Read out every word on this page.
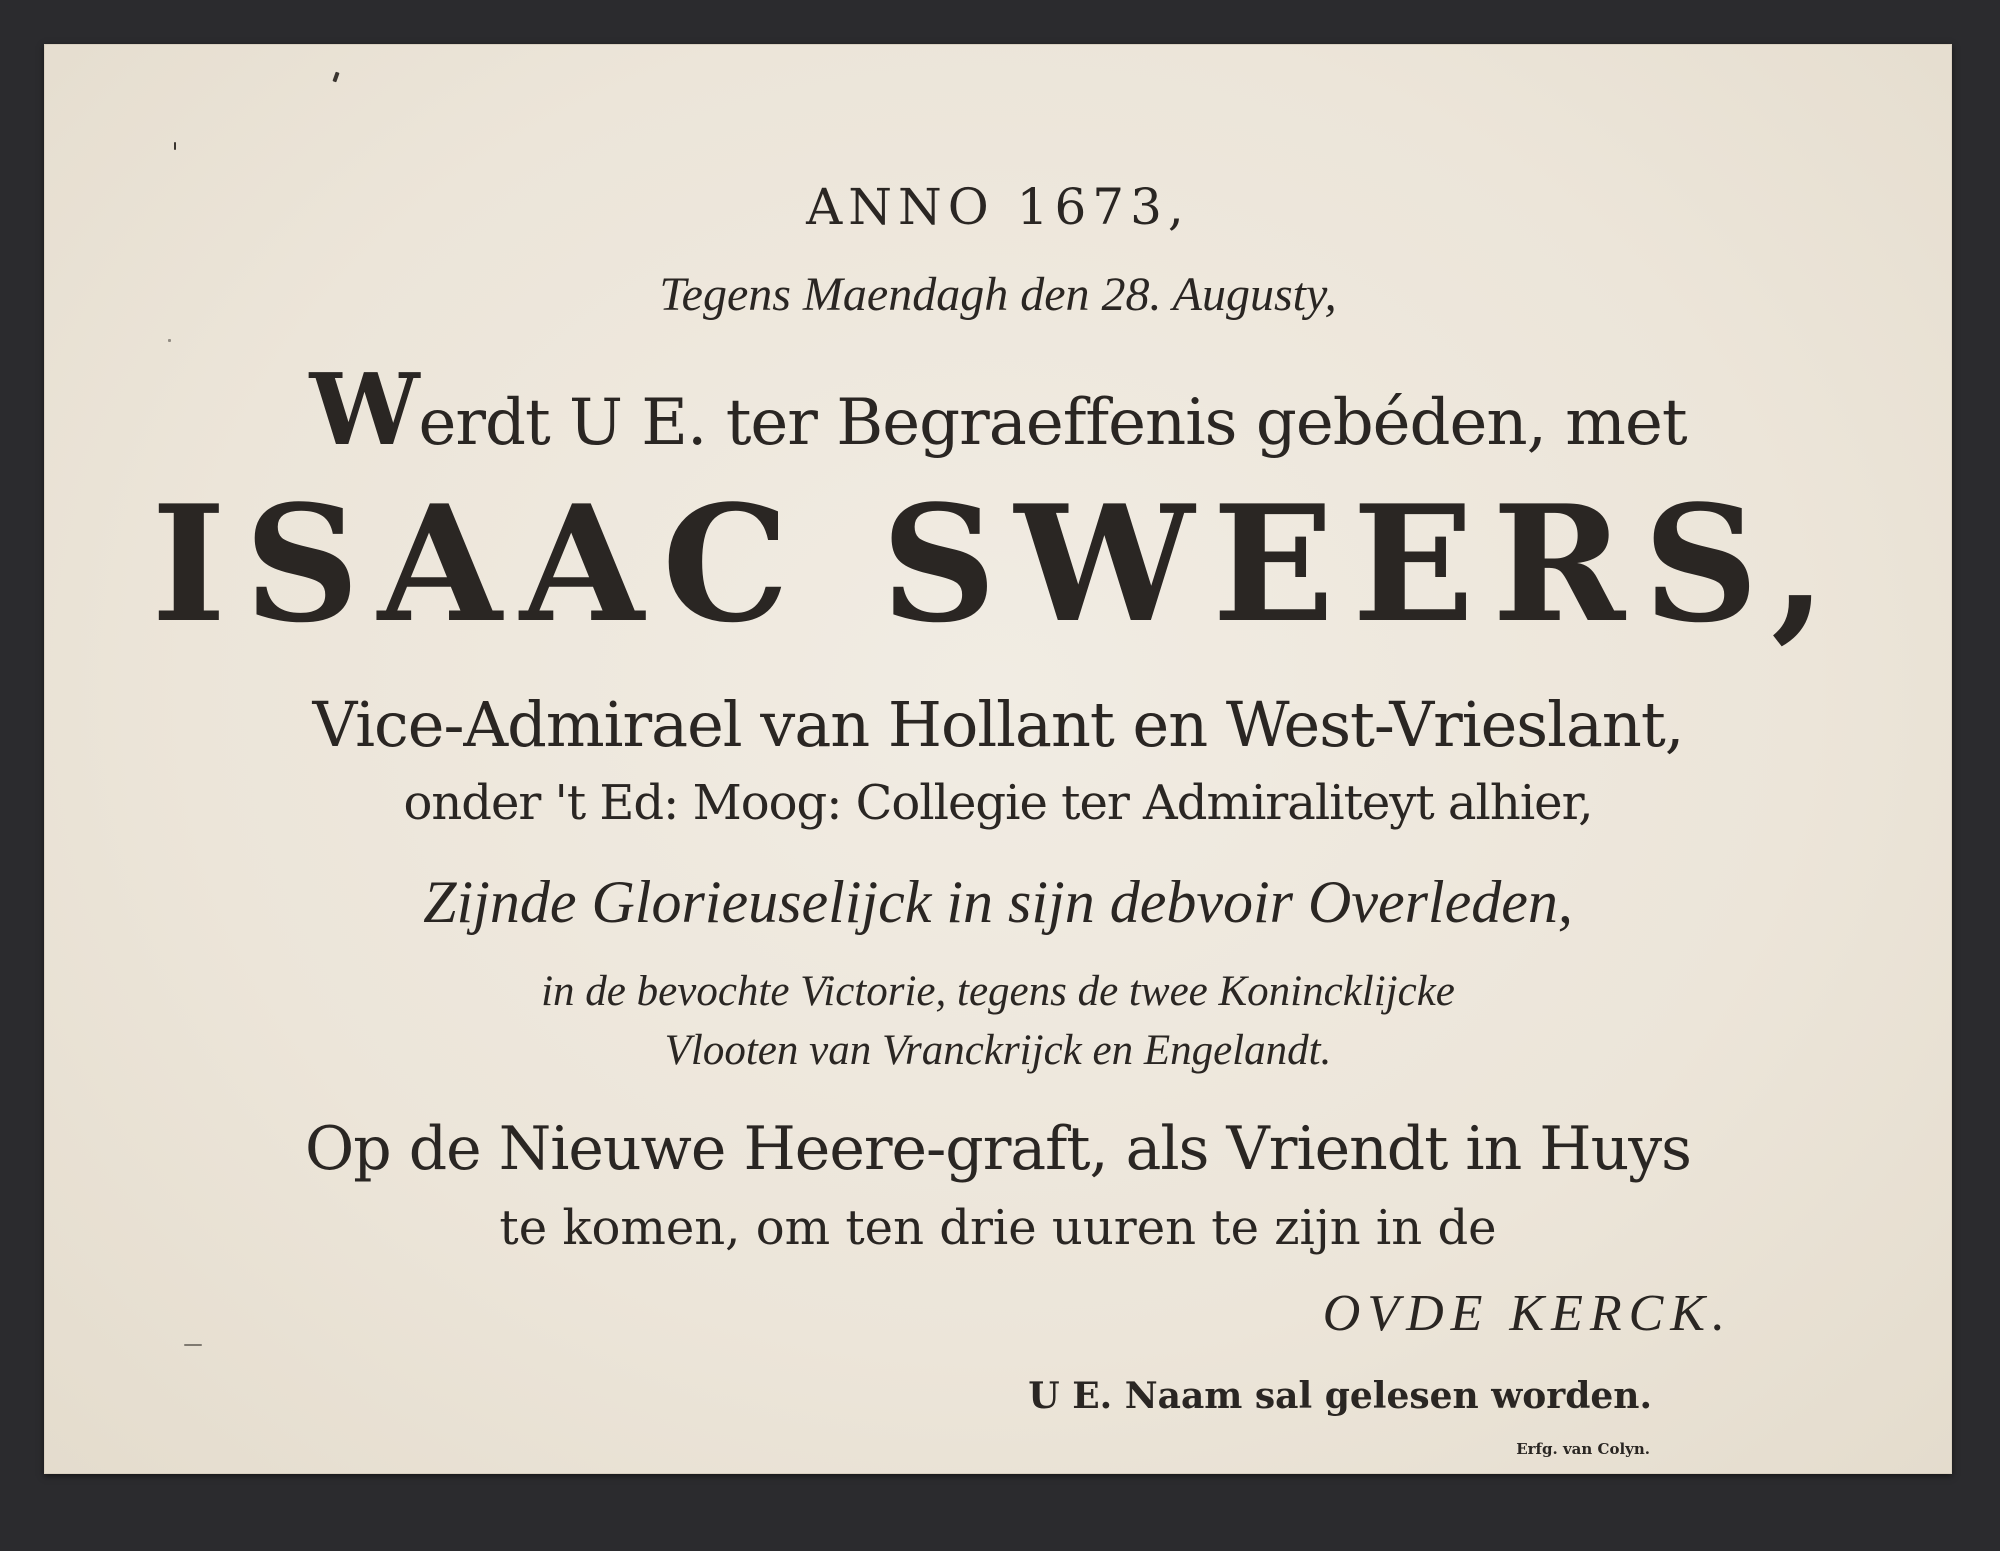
ANNO 1673,
Tegens Maendagh den 28. Augusty,
Werdt U E. ter Begraeffenis gebéden, met
ISAAC SWEERS,
Vice-Admirael van Hollant en West-Vrieslant,
onder 't Ed: Moog: Collegie ter Admiraliteyt alhier,
Zijnde Glorieuselijck in sijn debvoir Overleden,
in de bevochte Victorie, tegens de twee Koninckliјcke
Vlooten van Vranckrijck en Engelandt.
Op de Nieuwe Heere-graft, als Vriendt in Huys
te komen, om ten drie uuren te zijn in de
OVDE KERCK.
U E. Naam sal gelesen worden.
Erfg. van Colyn.
